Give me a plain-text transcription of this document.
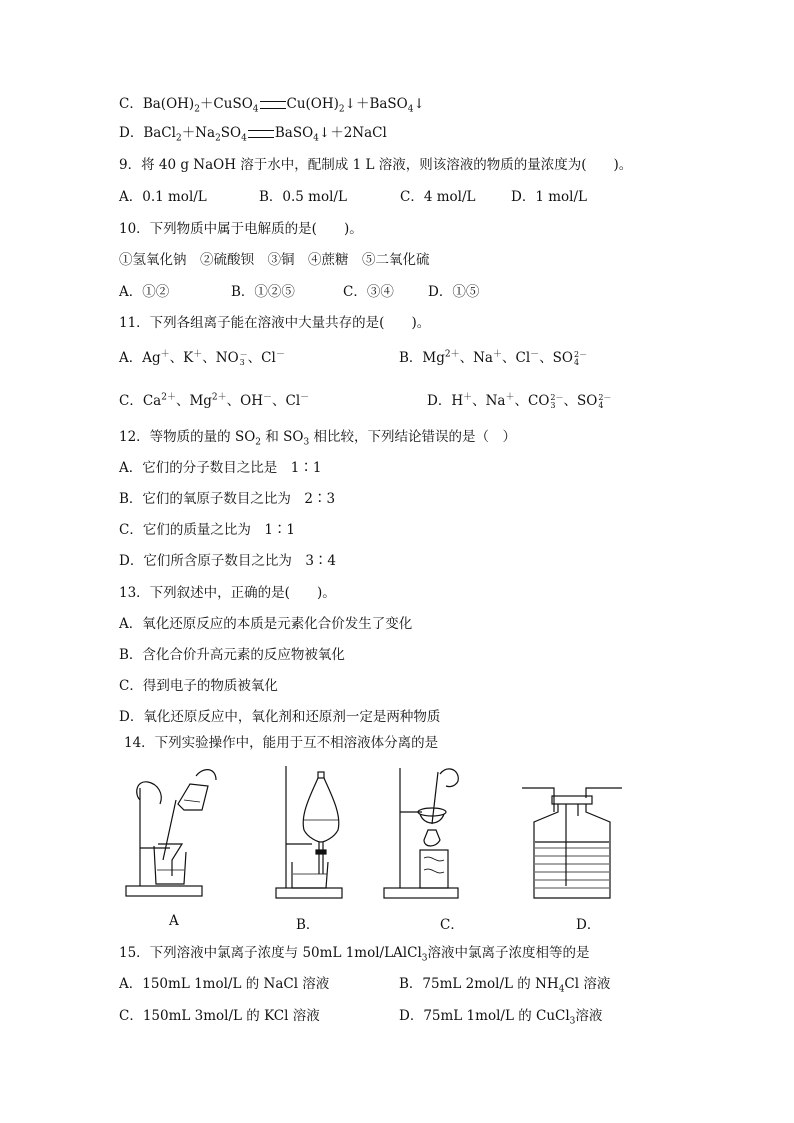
C．$Ba(OH)_2+CuSO_4$ $Cu(OH)_2↓+BaSO_4↓$
D．$BaCl_2+Na_2SO_4$ BaSO$_4$↓＋2NaCl
9．将 40 g NaOH 溶于水中，配制成 1 L 溶液，则该溶液的物质的量浓度为(　　)。
A．0.1 mol/L	B．0.5 mol/L	C．4 mol/L	D．1 mol/L
10．下列物质中属于电解质的是(　　)。
①氢氧化钠　②硫酸钡　③铜　④蔗糖　⑤二氧化硫
A．①②	B．①②⑤	C．③④	D．①⑤
11．下列各组离子能在溶液中大量共存的是(　　)。
A．Ag＋、K＋、NO －
3 、Cl－	B．$Mg^{2+}$、Na＋、Cl－、SO 2－
4
C．$Ca^{2+}$、$Mg^{2+}$、OH－、Cl－	D．H＋、Na＋、CO 2－
3 、SO 2－
4
12．等物质的量的 $SO_2$ 和 $SO_3$ 相比较，下列结论错误的是（　）
A．它们的分子数目之比是　1∶1
B．它们的氧原子数目之比为　2∶3
C．它们的质量之比为　1∶1
D．它们所含原子数目之比为　3∶4
13．下列叙述中，正确的是(　　)。
A．氧化还原反应的本质是元素化合价发生了变化
B．含化合价升高元素的反应物被氧化
C．得到电子的物质被氧化
D．氧化还原反应中，氧化剂和还原剂一定是两种物质
14．下列实验操作中，能用于互不相溶液体分离的是
A	B．	C．	D．
15．下列溶液中氯离子浓度与 50mL 1mol/LAlCl$_3$溶液中氯离子浓度相等的是
A．150mL 1mol/L 的 NaCl 溶液	B．75mL 2mol/L 的 $NH_4Cl$ 溶液
C．150mL 3mol/L 的 KCl 溶液	D．75mL 1mol/L 的 CuCl$_3$溶液
